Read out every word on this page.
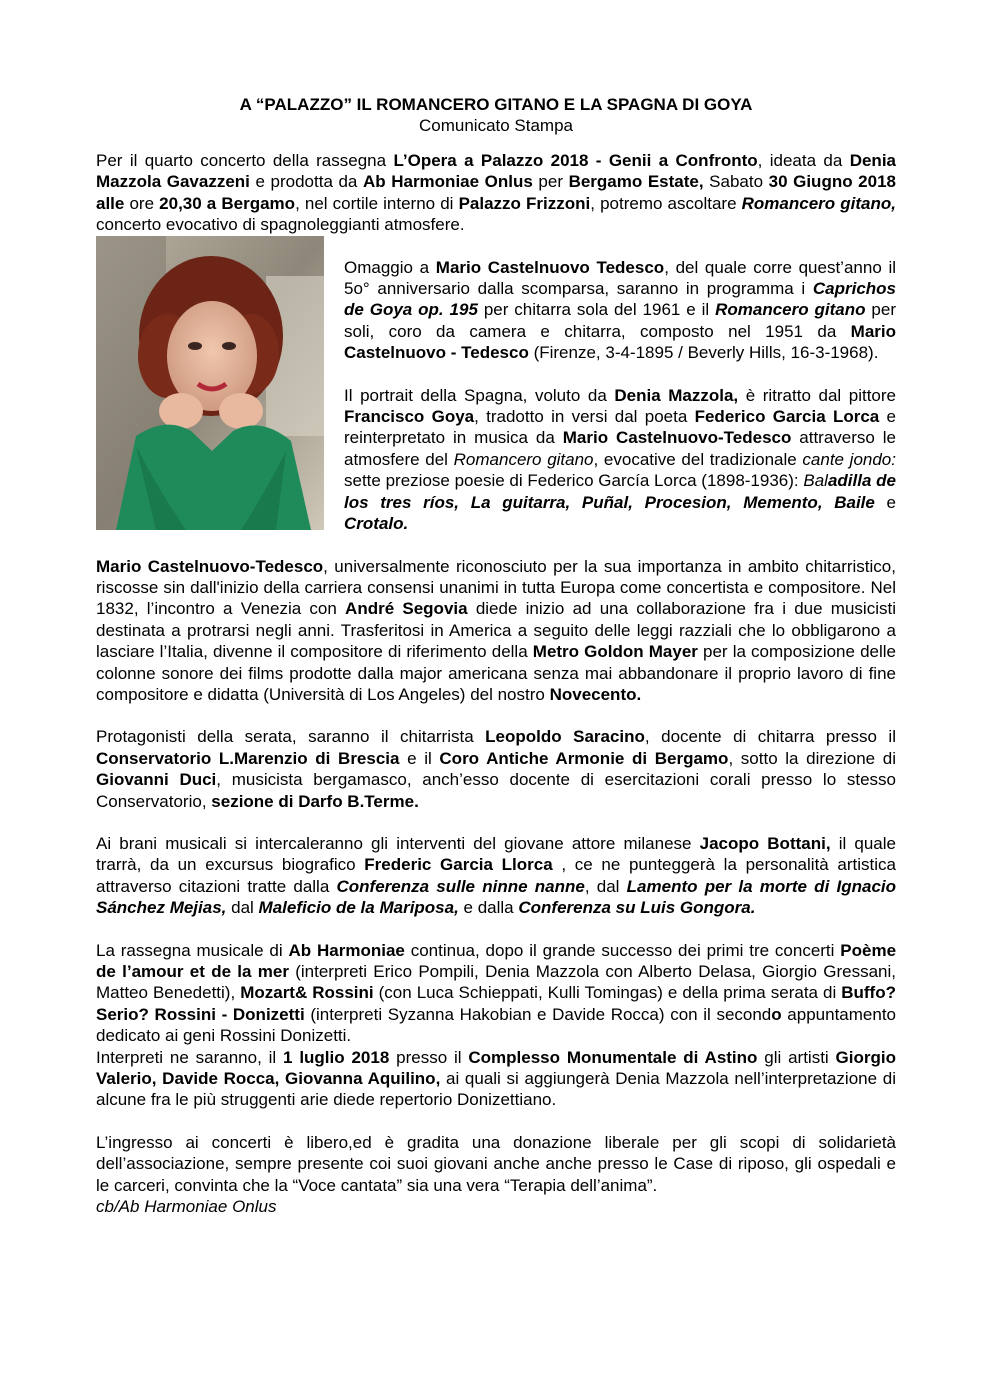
A “PALAZZO” IL ROMANCERO GITANO E LA SPAGNA DI GOYA
Comunicato Stampa

Per il quarto concerto della rassegna L’Opera a Palazzo 2018 - Genii a Confronto, ideata da Denia Mazzola Gavazzeni e prodotta da Ab Harmoniae Onlus per Bergamo Estate, Sabato 30 Giugno 2018 alle ore 20,30 a Bergamo, nel cortile interno di Palazzo Frizzoni, potremo ascoltare Romancero gitano, concerto evocativo di spagnoleggianti atmosfere.

Omaggio a Mario Castelnuovo Tedesco, del quale corre quest’anno il 5o° anniversario dalla scomparsa, saranno in programma i Caprichos de Goya op. 195 per chitarra sola del 1961 e il Romancero gitano per soli, coro da camera e chitarra, composto nel 1951 da Mario Castelnuovo - Tedesco (Firenze, 3-4-1895 / Beverly Hills, 16-3-1968).

Il portrait della Spagna, voluto da Denia Mazzola, è ritratto dal pittore Francisco Goya, tradotto in versi dal poeta Federico Garcia Lorca e reinterpretato in musica da Mario Castelnuovo-Tedesco attraverso le atmosfere del Romancero gitano, evocative del tradizionale cante jondo: sette preziose poesie di Federico García Lorca (1898-1936): Baladilla de los tres ríos, La guitarra, Puñal, Procesion, Memento, Baile e Crotalo.

Mario Castelnuovo-Tedesco, universalmente riconosciuto per la sua importanza in ambito chitarristico, riscosse sin dall'inizio della carriera consensi unanimi in tutta Europa come concertista e compositore. Nel 1832, l’incontro a Venezia con André Segovia diede inizio ad una collaborazione fra i due musicisti destinata a protrarsi negli anni. Trasferitosi in America a seguito delle leggi razziali che lo obbligarono a lasciare l’Italia, divenne il compositore di riferimento della Metro Goldon Mayer per la composizione delle colonne sonore dei films prodotte dalla major americana senza mai abbandonare il proprio lavoro di fine compositore e didatta (Università di Los Angeles) del nostro Novecento.

Protagonisti della serata, saranno il chitarrista Leopoldo Saracino, docente di chitarra presso il Conservatorio L.Marenzio di Brescia e il Coro Antiche Armonie di Bergamo, sotto la direzione di Giovanni Duci, musicista bergamasco, anch’esso docente di esercitazioni corali presso lo stesso Conservatorio, sezione di Darfo B.Terme.

Ai brani musicali si intercaleranno gli interventi del giovane attore milanese Jacopo Bottani, il quale trarrà, da un excursus biografico Frederic Garcia Llorca , ce ne punteggerà la personalità artistica attraverso citazioni tratte dalla Conferenza sulle ninne nanne, dal Lamento per la morte di Ignacio Sánchez Mejias, dal Maleficio de la Mariposa, e dalla Conferenza su Luis Gongora.

La rassegna musicale di Ab Harmoniae continua, dopo il grande successo dei primi tre concerti Poème de l’amour et de la mer (interpreti Erico Pompili, Denia Mazzola con Alberto Delasa, Giorgio Gressani, Matteo Benedetti), Mozart& Rossini (con Luca Schieppati, Kulli Tomingas) e della prima serata di Buffo? Serio? Rossini - Donizetti (interpreti Syzanna Hakobian e Davide Rocca) con il secondo appuntamento dedicato ai geni Rossini Donizetti.

Interpreti ne saranno, il 1 luglio 2018 presso il Complesso Monumentale di Astino gli artisti Giorgio Valerio, Davide Rocca, Giovanna Aquilino, ai quali si aggiungerà Denia Mazzola nell’interpretazione di alcune fra le più struggenti arie diede repertorio Donizettiano.

L’ingresso ai concerti è libero,ed è gradita una donazione liberale per gli scopi di solidarietà dell’associazione, sempre presente coi suoi giovani anche anche presso le Case di riposo, gli ospedali e le carceri, convinta che la “Voce cantata” sia una vera “Terapia dell’anima”.

cb/Ab Harmoniae Onlus
